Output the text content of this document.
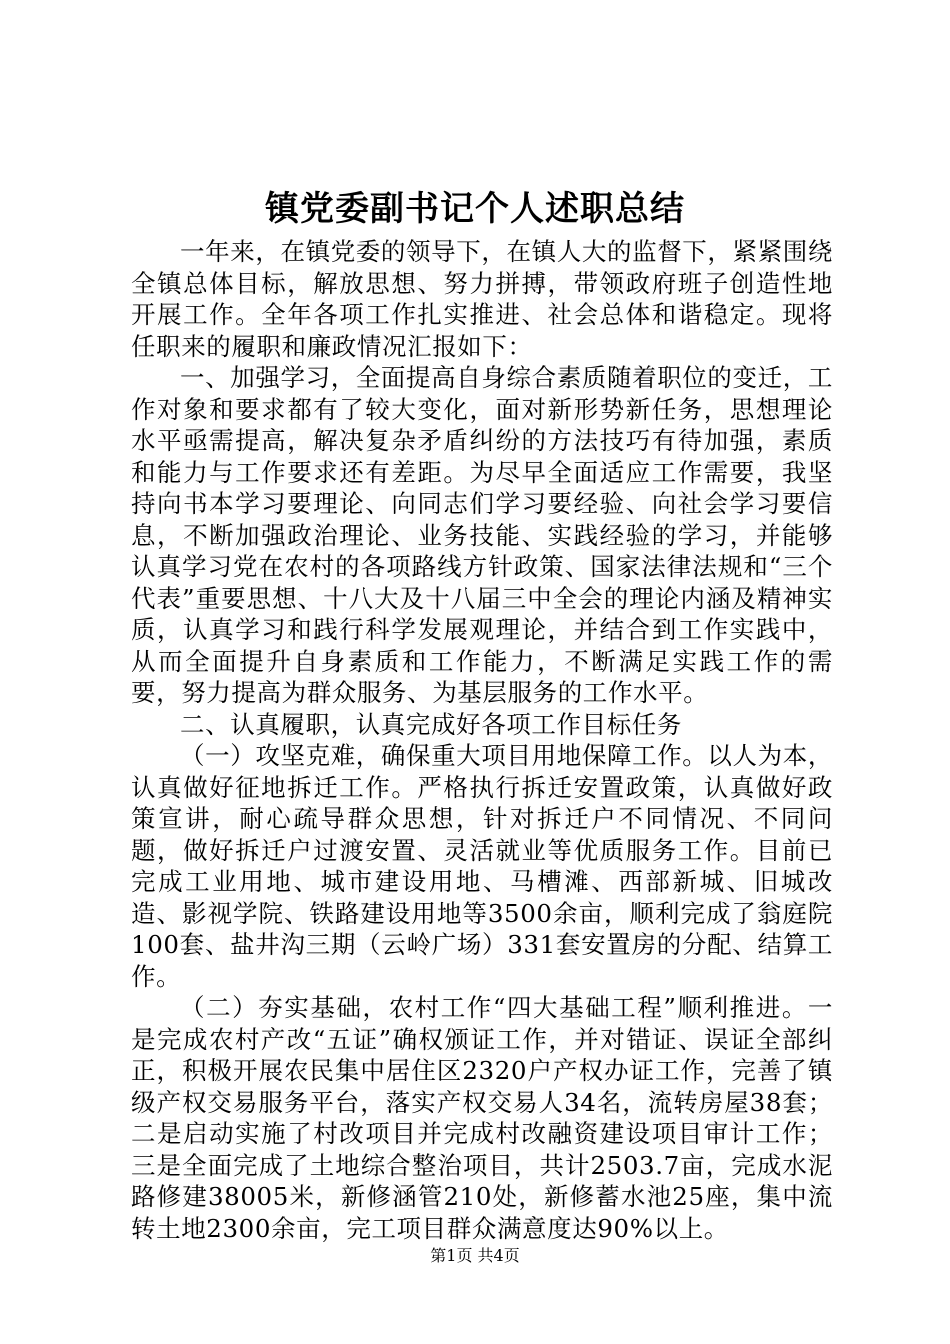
镇党委副书记个人述职总结

一年来，在镇党委的领导下，在镇人大的监督下，紧紧围绕全镇总体目标，解放思想、努力拼搏，带领政府班子创造性地开展工作。全年各项工作扎实推进、社会总体和谐稳定。现将任职来的履职和廉政情况汇报如下：

一、加强学习，全面提高自身综合素质随着职位的变迁，工作对象和要求都有了较大变化，面对新形势新任务，思想理论水平亟需提高，解决复杂矛盾纠纷的方法技巧有待加强，素质和能力与工作要求还有差距。为尽早全面适应工作需要，我坚持向书本学习要理论、向同志们学习要经验、向社会学习要信息，不断加强政治理论、业务技能、实践经验的学习，并能够认真学习党在农村的各项路线方针政策、国家法律法规和“三个代表”重要思想、十八大及十八届三中全会的理论内涵及精神实质，认真学习和践行科学发展观理论，并结合到工作实践中，从而全面提升自身素质和工作能力，不断满足实践工作的需要，努力提高为群众服务、为基层服务的工作水平。

二、认真履职，认真完成好各项工作目标任务

（一）攻坚克难，确保重大项目用地保障工作。以人为本，认真做好征地拆迁工作。严格执行拆迁安置政策，认真做好政策宣讲，耐心疏导群众思想，针对拆迁户不同情况、不同问题，做好拆迁户过渡安置、灵活就业等优质服务工作。目前已完成工业用地、城市建设用地、马槽滩、西部新城、旧城改造、影视学院、铁路建设用地等3500余亩，顺利完成了翁庭院100套、盐井沟三期（云岭广场）331套安置房的分配、结算工作。

（二）夯实基础，农村工作“四大基础工程”顺利推进。一是完成农村产改“五证”确权颁证工作，并对错证、误证全部纠正，积极开展农民集中居住区2320户产权办证工作，完善了镇级产权交易服务平台，落实产权交易人34名，流转房屋38套；二是启动实施了村改项目并完成村改融资建设项目审计工作；三是全面完成了土地综合整治项目，共计2503.7亩，完成水泥路修建38005米，新修涵管210处，新修蓄水池25座，集中流转土地2300余亩，完工项目群众满意度达90%以上。

第1页 共4页
